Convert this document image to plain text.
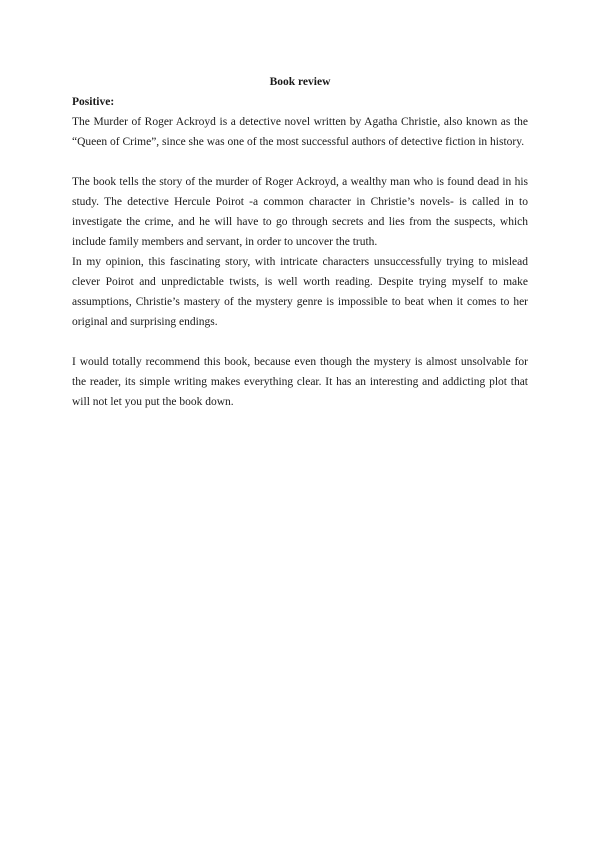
Book review
Positive:

The Murder of Roger Ackroyd is a detective novel written by Agatha Christie, also known as the “Queen of Crime”, since she was one of the most successful authors of detective fiction in history.

The book tells the story of the murder of Roger Ackroyd, a wealthy man who is found dead in his study. The detective Hercule Poirot -a common character in Christie’s novels- is called in to investigate the crime, and he will have to go through secrets and lies from the suspects, which include family members and servant, in order to uncover the truth.

In my opinion, this fascinating story, with intricate characters unsuccessfully trying to mislead clever Poirot and unpredictable twists, is well worth reading. Despite trying myself to make assumptions, Christie’s mastery of the mystery genre is impossible to beat when it comes to her original and surprising endings.

I would totally recommend this book, because even though the mystery is almost unsolvable for the reader, its simple writing makes everything clear. It has an interesting and addicting plot that will not let you put the book down.
